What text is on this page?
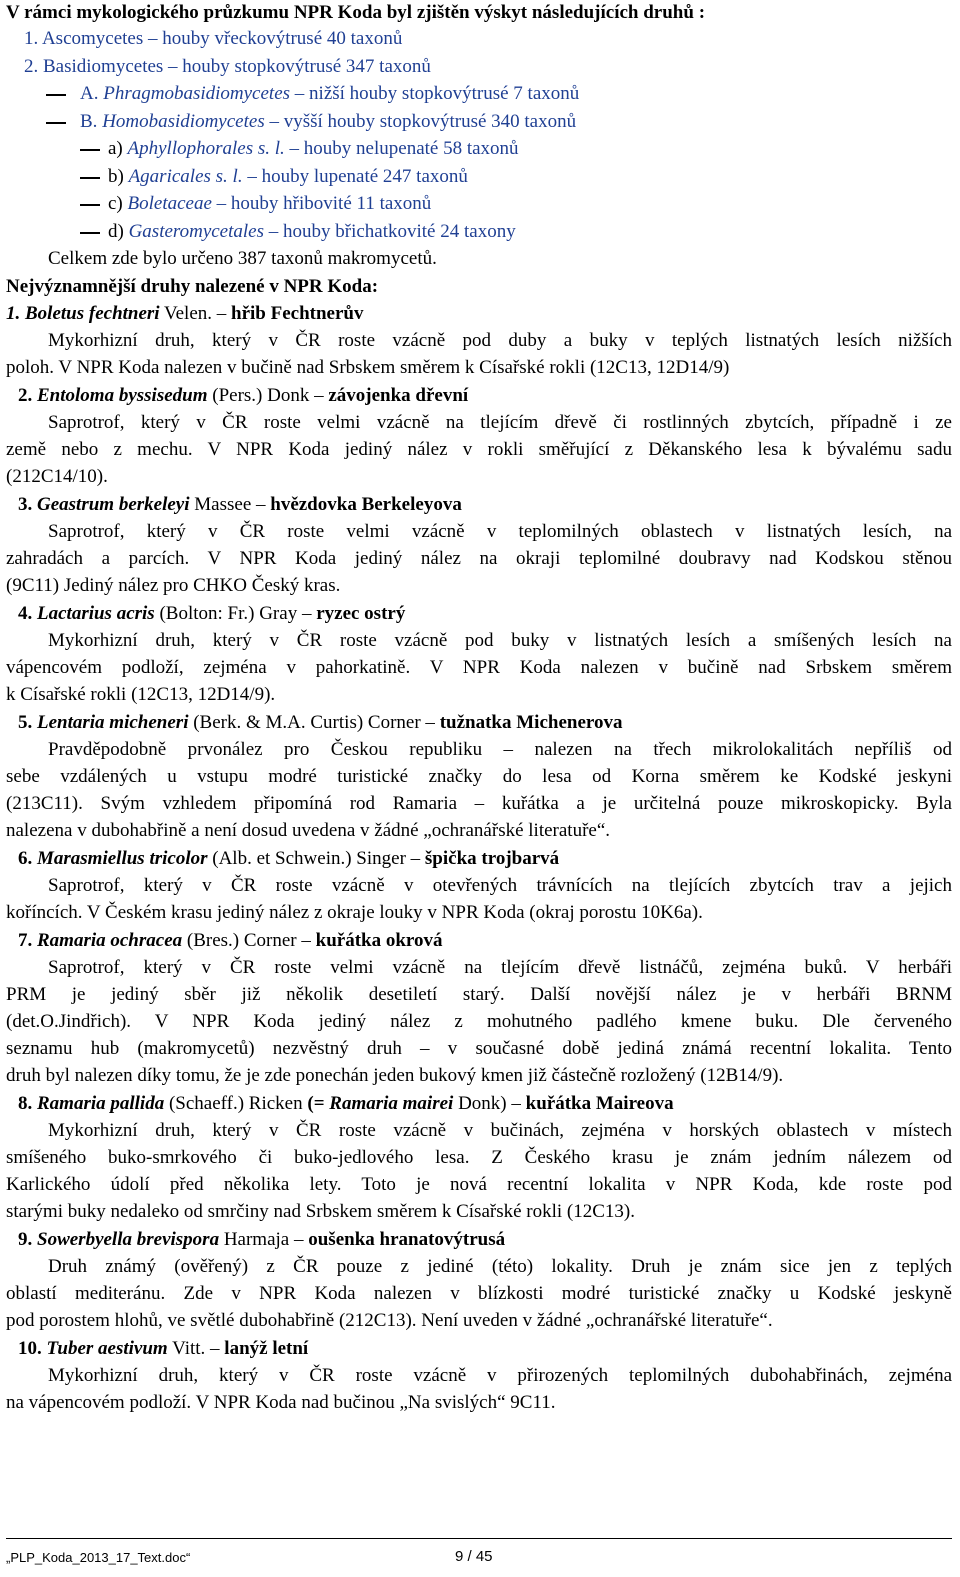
V rámci mykologického průzkumu NPR Koda byl zjištěn výskyt následujících druhů :
1. Ascomycetes – houby vřeckovýtrusé 40 taxonů
2. Basidiomycetes – houby stopkovýtrusé 347 taxonů
A. Phragmobasidiomycetes – nižší houby stopkovýtrusé 7 taxonů
B. Homobasidiomycetes – vyšší houby stopkovýtrusé 340 taxonů
a) Aphyllophorales s. l. – houby nelupenaté 58 taxonů
b) Agaricales s. l. – houby lupenaté 247 taxonů
c) Boletaceae – houby hřibovité 11 taxonů
d) Gasteromycetales – houby břichatkovité 24 taxony
Celkem zde bylo určeno 387 taxonů makromycetů.
Nejvýznamnější druhy nalezené v NPR Koda:
1. Boletus fechtneri Velen. – hřib Fechtnerův
Mykorhizní druh, který v ČR roste vzácně pod duby a buky v teplých listnatých lesích nižších
poloh. V NPR Koda nalezen v bučině nad Srbskem směrem k Císařské rokli (12C13, 12D14/9)
2. Entoloma byssisedum (Pers.) Donk – závojenka dřevní
Saprotrof, který v ČR roste velmi vzácně na tlejícím dřevě či rostlinných zbytcích, případně i ze
země nebo z mechu. V NPR Koda jediný nález v rokli směřující z Děkanského lesa k bývalému sadu
(212C14/10).
3. Geastrum berkeleyi Massee – hvězdovka Berkeleyova
Saprotrof, který v ČR roste velmi vzácně v teplomilných oblastech v listnatých lesích, na
zahradách a parcích. V NPR Koda jediný nález na okraji teplomilné doubravy nad Kodskou stěnou
(9C11) Jediný nález pro CHKO Český kras.
4. Lactarius acris (Bolton: Fr.) Gray – ryzec ostrý
Mykorhizní druh, který v ČR roste vzácně pod buky v listnatých lesích a smíšených lesích na
vápencovém podloží, zejména v pahorkatině. V NPR Koda nalezen v bučině nad Srbskem směrem
k Císařské rokli (12C13, 12D14/9).
5. Lentaria micheneri (Berk. & M.A. Curtis) Corner – tužnatka Michenerova
Pravděpodobně prvonález pro Českou republiku – nalezen na třech mikrolokalitách nepříliš od
sebe vzdálených u vstupu modré turistické značky do lesa od Korna směrem ke Kodské jeskyni
(213C11). Svým vzhledem připomíná rod Ramaria – kuřátka a je určitelná pouze mikroskopicky. Byla
nalezena v dubohabřině a není dosud uvedena v žádné „ochranářské literatuře“.
6. Marasmiellus tricolor (Alb. et Schwein.) Singer – špička trojbarvá
Saprotrof, který v ČR roste vzácně v otevřených trávnících na tlejících zbytcích trav a jejich
koříncích. V Českém krasu jediný nález z okraje louky v NPR Koda (okraj porostu 10K6a).
7. Ramaria ochracea (Bres.) Corner – kuřátka okrová
Saprotrof, který v ČR roste velmi vzácně na tlejícím dřevě listnáčů, zejména buků. V herbáři
PRM je jediný sběr již několik desetiletí starý. Další novější nález je v herbáři BRNM
(det.O.Jindřich). V NPR Koda jediný nález z mohutného padlého kmene buku. Dle červeného
seznamu hub (makromycetů) nezvěstný druh – v současné době jediná známá recentní lokalita. Tento
druh byl nalezen díky tomu, že je zde ponechán jeden bukový kmen již částečně rozložený (12B14/9).
8. Ramaria pallida (Schaeff.) Ricken (= Ramaria mairei Donk) – kuřátka Maireova
Mykorhizní druh, který v ČR roste vzácně v bučinách, zejména v horských oblastech v místech
smíšeného buko-smrkového či buko-jedlového lesa. Z Českého krasu je znám jedním nálezem od
Karlického údolí před několika lety. Toto je nová recentní lokalita v NPR Koda, kde roste pod
starými buky nedaleko od smrčiny nad Srbskem směrem k Císařské rokli (12C13).
9. Sowerbyella brevispora Harmaja – oušenka hranatovýtrusá
Druh známý (ověřený) z ČR pouze z jediné (této) lokality. Druh je znám sice jen z teplých
oblastí mediteránu. Zde v NPR Koda nalezen v blízkosti modré turistické značky u Kodské jeskyně
pod porostem hlohů, ve světlé dubohabřině (212C13). Není uveden v žádné „ochranářské literatuře“.
10. Tuber aestivum Vitt. – lanýž letní
Mykorhizní druh, který v ČR roste vzácně v přirozených teplomilných dubohabřinách, zejména
na vápencovém podloží. V NPR Koda nad bučinou „Na svislých“ 9C11.
„PLP_Koda_2013_17_Text.doc“	9 / 45
